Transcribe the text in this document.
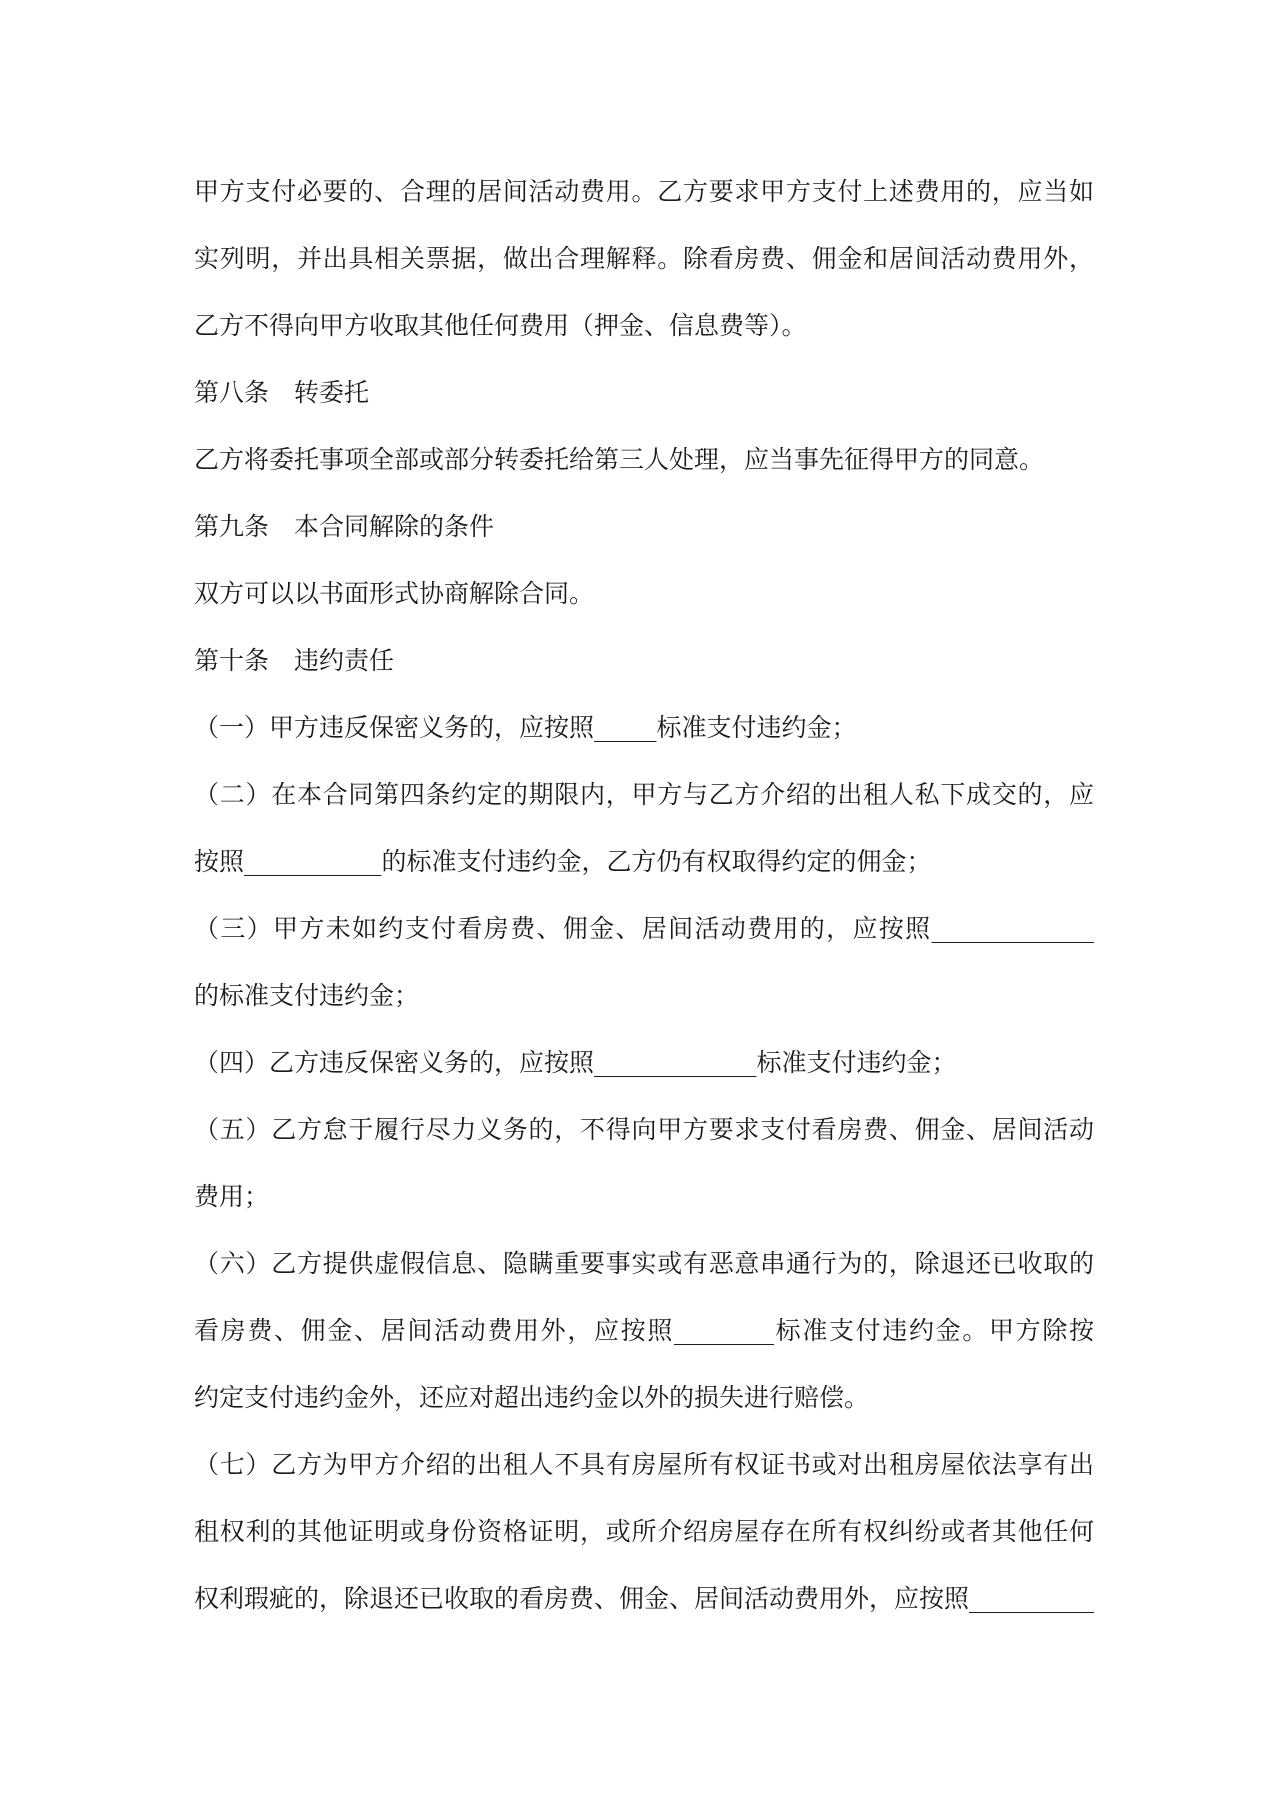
甲方支付必要的、合理的居间活动费用。乙方要求甲方支付上述费用的，应当如
实列明，并出具相关票据，做出合理解释。除看房费、佣金和居间活动费用外，
乙方不得向甲方收取其他任何费用（押金、信息费等）。

第八条　转委托

乙方将委托事项全部或部分转委托给第三人处理，应当事先征得甲方的同意。

第九条　本合同解除的条件

双方可以以书面形式协商解除合同。

第十条　违约责任

（一）甲方违反保密义务的，应按照_____标准支付违约金；

（二）在本合同第四条约定的期限内，甲方与乙方介绍的出租人私下成交的，应
按照___________的标准支付违约金，乙方仍有权取得约定的佣金；

（三）甲方未如约支付看房费、佣金、居间活动费用的，应按照_____________
的标准支付违约金；

（四）乙方违反保密义务的，应按照_____________标准支付违约金；

（五）乙方怠于履行尽力义务的，不得向甲方要求支付看房费、佣金、居间活动
费用；

（六）乙方提供虚假信息、隐瞒重要事实或有恶意串通行为的，除退还已收取的
看房费、佣金、居间活动费用外，应按照________标准支付违约金。甲方除按
约定支付违约金外，还应对超出违约金以外的损失进行赔偿。

（七）乙方为甲方介绍的出租人不具有房屋所有权证书或对出租房屋依法享有出
租权利的其他证明或身份资格证明，或所介绍房屋存在所有权纠纷或者其他任何
权利瑕疵的，除退还已收取的看房费、佣金、居间活动费用外，应按照__________
